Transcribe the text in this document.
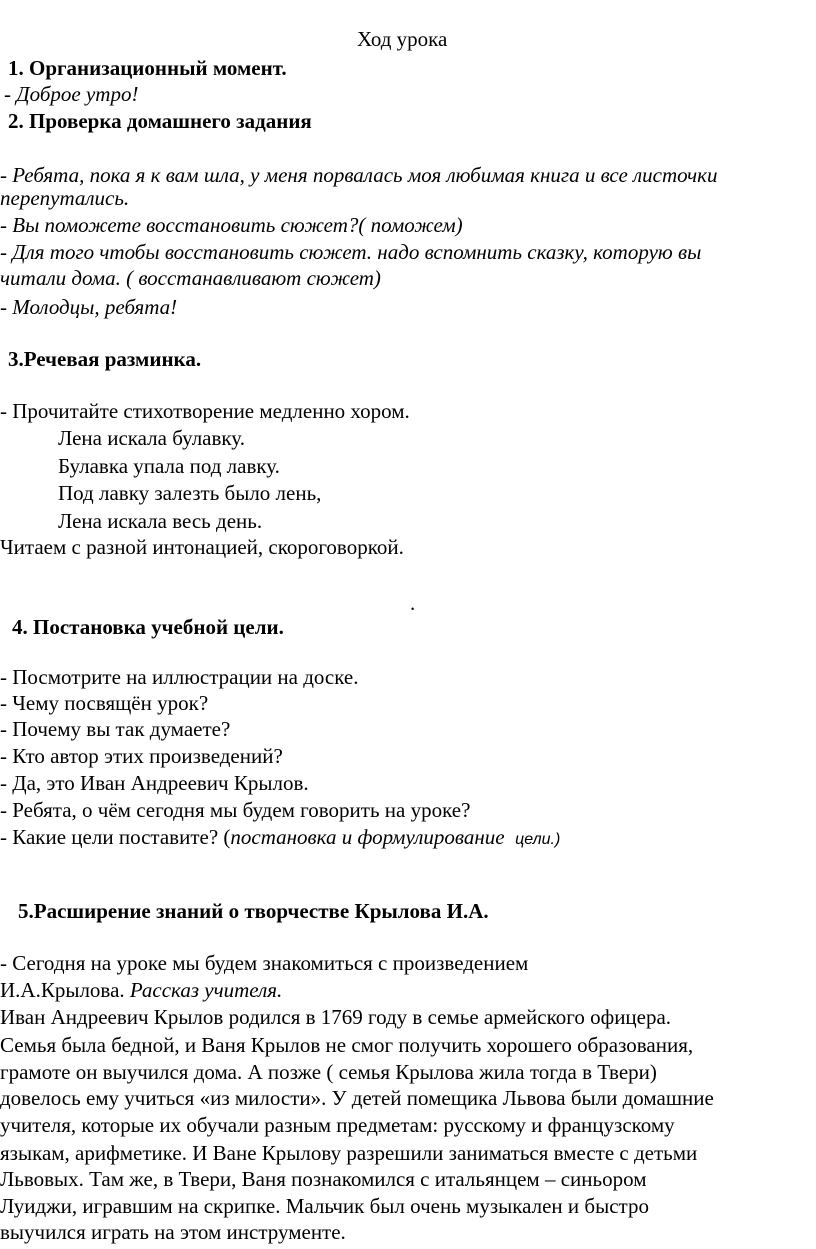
Ход урока
1. Организационный момент.
- Доброе утро!
2. Проверка домашнего задания
- Ребята, пока я к вам шла, у меня порвалась моя любимая книга и все листочки
перепутались.
- Вы поможете восстановить сюжет?( поможем)
- Для того чтобы восстановить сюжет. надо вспомнить сказку, которую вы
читали дома. ( восстанавливают сюжет)
- Молодцы, ребята!
3.Речевая разминка.
- Прочитайте стихотворение медленно хором.
Лена искала булавку.
Булавка упала под лавку.
Под лавку залезть было лень,
Лена искала весь день.
Читаем с разной интонацией, скороговоркой.
.
4. Постановка учебной цели.
- Посмотрите на иллюстрации на доске.
- Чему посвящён урок?
- Почему вы так думаете?
- Кто автор этих произведений?
- Да, это Иван Андреевич Крылов.
- Ребята, о чём сегодня мы будем говорить на уроке?
- Какие цели поставите? (постановка и формулирование цели.)
5.Расширение знаний о творчестве Крылова И.А.
- Сегодня на уроке мы будем знакомиться с произведением
И.А.Крылова. Рассказ учителя.
Иван Андреевич Крылов родился в 1769 году в семье армейского офицера.
Семья была бедной, и Ваня Крылов не смог получить хорошего образования,
грамоте он выучился дома. А позже ( семья Крылова жила тогда в Твери)
довелось ему учиться «из милости». У детей помещика Львова были домашние
учителя, которые их обучали разным предметам: русскому и французскому
языкам, арифметике. И Ване Крылову разрешили заниматься вместе с детьми
Львовых. Там же, в Твери, Ваня познакомился с итальянцем – синьором
Луиджи, игравшим на скрипке. Мальчик был очень музыкален и быстро
выучился играть на этом инструменте.
